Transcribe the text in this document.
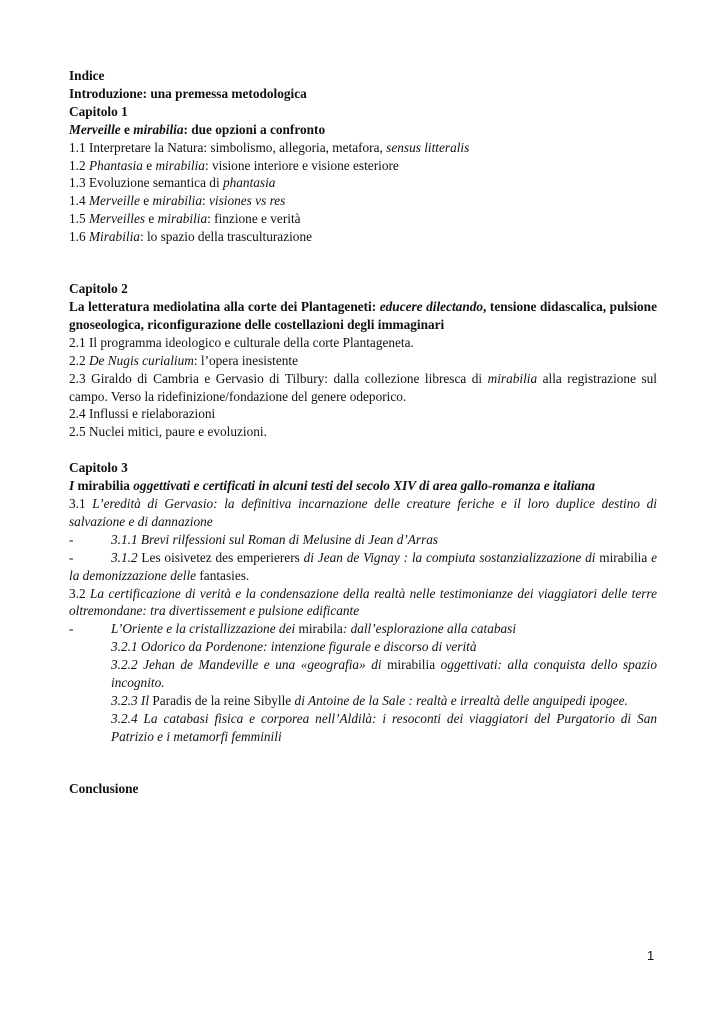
Indice
Introduzione: una premessa metodologica
Capitolo 1
Merveille e mirabilia: due opzioni a confronto
1.1 Interpretare la Natura: simbolismo, allegoria, metafora, sensus litteralis
1.2 Phantasia e mirabilia: visione interiore e visione esteriore
1.3 Evoluzione semantica di phantasia
1.4 Merveille e mirabilia: visiones vs res
1.5 Merveilles e mirabilia: finzione e verità
1.6 Mirabilia: lo spazio della trasculturazione
Capitolo 2
La letteratura mediolatina alla corte dei Plantageneti: educere dilectando, tensione didascalica, pulsione gnoseologica, riconfigurazione delle costellazioni degli immaginari
2.1 Il programma ideologico e culturale della corte Plantageneta.
2.2 De Nugis curialium: l’opera inesistente
2.3 Giraldo di Cambria e Gervasio di Tilbury: dalla collezione libresca di mirabilia alla registrazione sul campo. Verso la ridefinizione/fondazione del genere odeporico.
2.4 Influssi e rielaborazioni
2.5 Nuclei mitici, paure e evoluzioni.
Capitolo 3
I mirabilia oggettivati e certificati in alcuni testi del secolo XIV di area gallo-romanza e italiana
3.1 L’eredità di Gervasio: la definitiva incarnazione delle creature feriche e il loro duplice destino di salvazione e di dannazione
-	3.1.1 Brevi rilfessioni sul Roman di Melusine di Jean d’Arras
-	3.1.2 Les oisivetez des emperierers di Jean de Vignay : la compiuta sostanzializzazione di mirabilia e la demonizzazione delle fantasies.
3.2 La certificazione di verità e la condensazione della realtà nelle testimonianze dei viaggiatori delle terre oltremondane: tra divertissement e pulsione edificante
-	L’Oriente e la cristallizzazione dei mirabila: dall’esplorazione alla catabasi
3.2.1 Odorico da Pordenone: intenzione figurale e discorso di verità
3.2.2 Jehan de Mandeville e una «geografia» di mirabilia oggettivati: alla conquista dello spazio incognito.
3.2.3 Il Paradis de la reine Sibylle di Antoine de la Sale : realtà e irrealtà delle anguipedi ipogee.
3.2.4 La catabasi fisica e corporea nell’Aldilà: i resoconti dei viaggiatori del Purgatorio di San Patrizio e i metamorfi femminili
Conclusione
1
